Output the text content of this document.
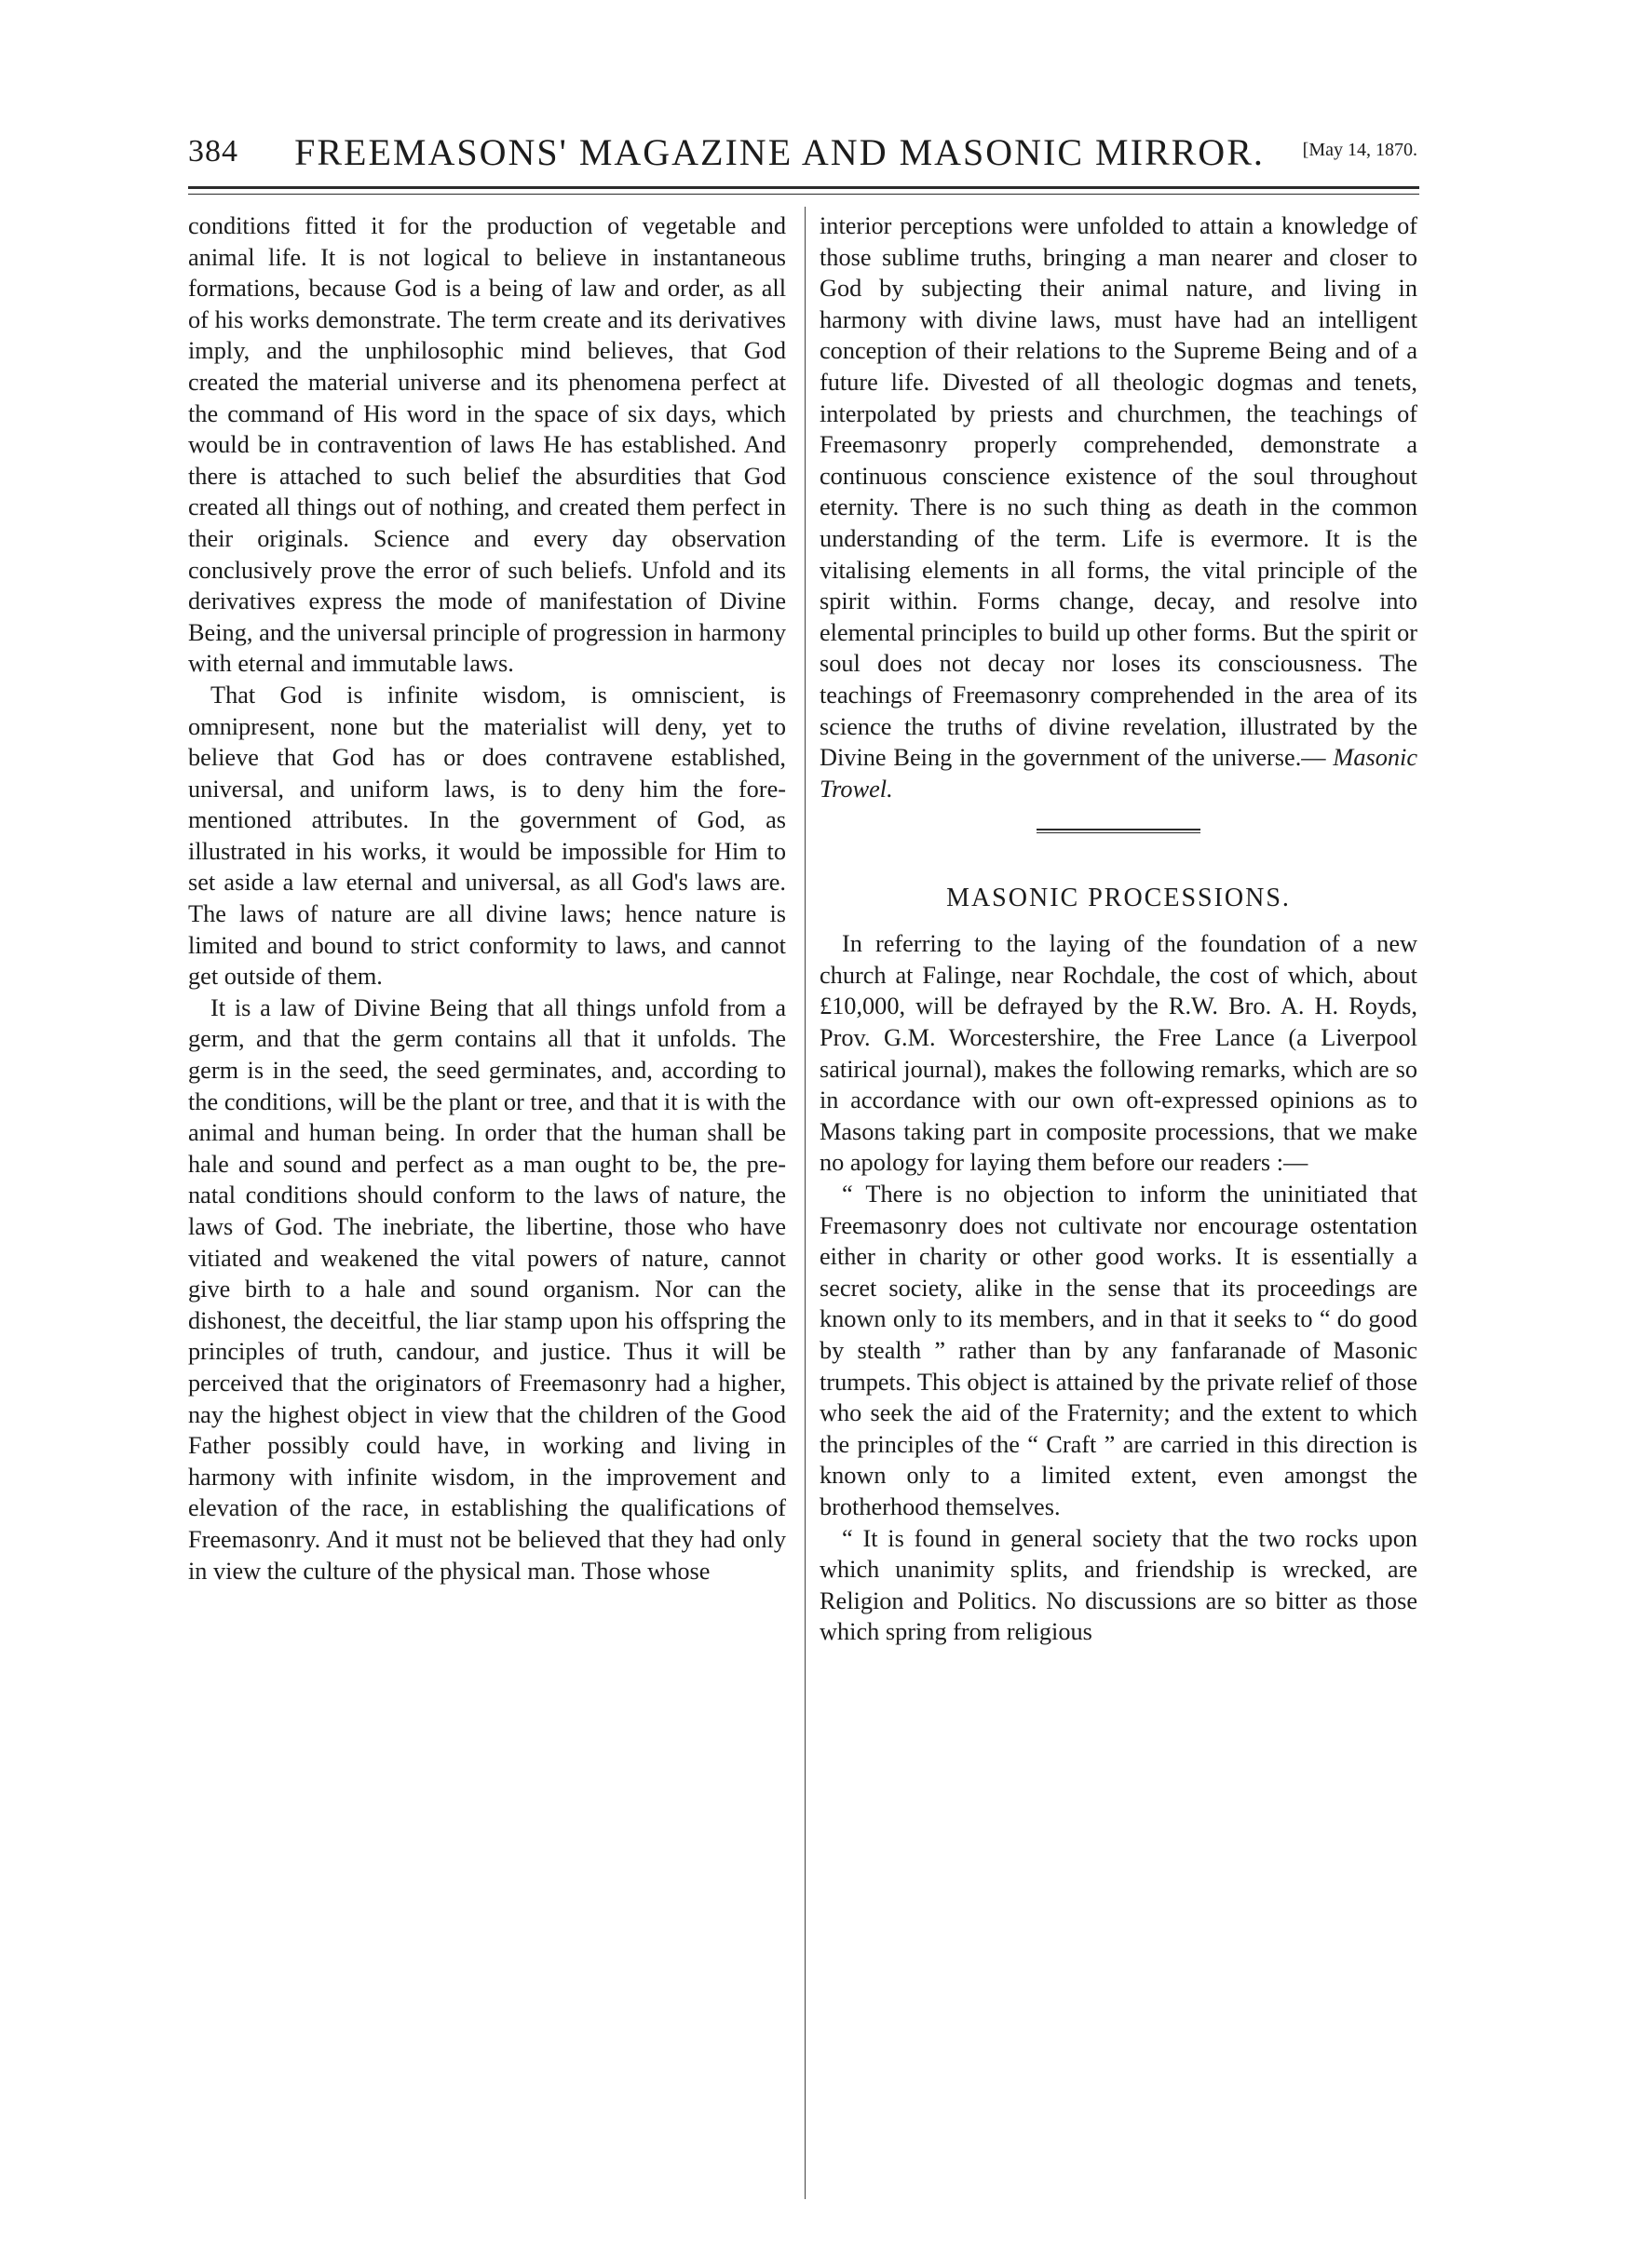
384	FREEMASONS' MAGAZINE AND MASONIC MIRROR.	[May 14, 1870.

conditions fitted it for the production of vegetable and animal life. It is not logical to believe in instantaneous formations, because God is a being of law and order, as all of his works demonstrate. The term create and its derivatives imply, and the unphilosophic mind believes, that God created the material universe and its phenomena perfect at the command of His word in the space of six days, which would be in contravention of laws He has established. And there is attached to such belief the absurdities that God created all things out of nothing, and created them perfect in their originals. Science and every day observation conclusively prove the error of such beliefs. Unfold and its derivatives express the mode of manifestation of Divine Being, and the universal principle of progression in harmony with eternal and immutable laws.

That God is infinite wisdom, is omniscient, is omnipresent, none but the materialist will deny, yet to believe that God has or does contravene established, universal, and uniform laws, is to deny him the fore-mentioned attributes. In the government of God, as illustrated in his works, it would be impossible for Him to set aside a law eternal and universal, as all God's laws are. The laws of nature are all divine laws; hence nature is limited and bound to strict conformity to laws, and cannot get outside of them.

It is a law of Divine Being that all things unfold from a germ, and that the germ contains all that it unfolds. The germ is in the seed, the seed germinates, and, according to the conditions, will be the plant or tree, and that it is with the animal and human being. In order that the human shall be hale and sound and perfect as a man ought to be, the pre-natal conditions should conform to the laws of nature, the laws of God. The inebriate, the libertine, those who have vitiated and weakened the vital powers of nature, cannot give birth to a hale and sound organism. Nor can the dishonest, the deceitful, the liar stamp upon his offspring the principles of truth, candour, and justice. Thus it will be perceived that the originators of Freemasonry had a higher, nay the highest object in view that the children of the Good Father possibly could have, in working and living in harmony with infinite wisdom, in the improvement and elevation of the race, in establishing the qualifications of Freemasonry. And it must not be believed that they had only in view the culture of the physical man. Those whose

interior perceptions were unfolded to attain a knowledge of those sublime truths, bringing a man nearer and closer to God by subjecting their animal nature, and living in harmony with divine laws, must have had an intelligent conception of their relations to the Supreme Being and of a future life. Divested of all theologic dogmas and tenets, interpolated by priests and churchmen, the teachings of Freemasonry properly comprehended, demonstrate a continuous conscience existence of the soul throughout eternity. There is no such thing as death in the common understanding of the term. Life is evermore. It is the vitalising elements in all forms, the vital principle of the spirit within. Forms change, decay, and resolve into elemental principles to build up other forms. But the spirit or soul does not decay nor loses its consciousness. The teachings of Freemasonry comprehended in the area of its science the truths of divine revelation, illustrated by the Divine Being in the government of the universe.— Masonic Trowel.

MASONIC PROCESSIONS.

In referring to the laying of the foundation of a new church at Falinge, near Rochdale, the cost of which, about £10,000, will be defrayed by the R.W. Bro. A. H. Royds, Prov. G.M. Worcestershire, the Free Lance (a Liverpool satirical journal), makes the following remarks, which are so in accordance with our own oft-expressed opinions as to Masons taking part in composite processions, that we make no apology for laying them before our readers :—

“ There is no objection to inform the uninitiated that Freemasonry does not cultivate nor encourage ostentation either in charity or other good works. It is essentially a secret society, alike in the sense that its proceedings are known only to its members, and in that it seeks to “ do good by stealth ” rather than by any fanfaranade of Masonic trumpets. This object is attained by the private relief of those who seek the aid of the Fraternity; and the extent to which the principles of the “ Craft ” are carried in this direction is known only to a limited extent, even amongst the brotherhood themselves.

“ It is found in general society that the two rocks upon which unanimity splits, and friendship is wrecked, are Religion and Politics. No discussions are so bitter as those which spring from religious
